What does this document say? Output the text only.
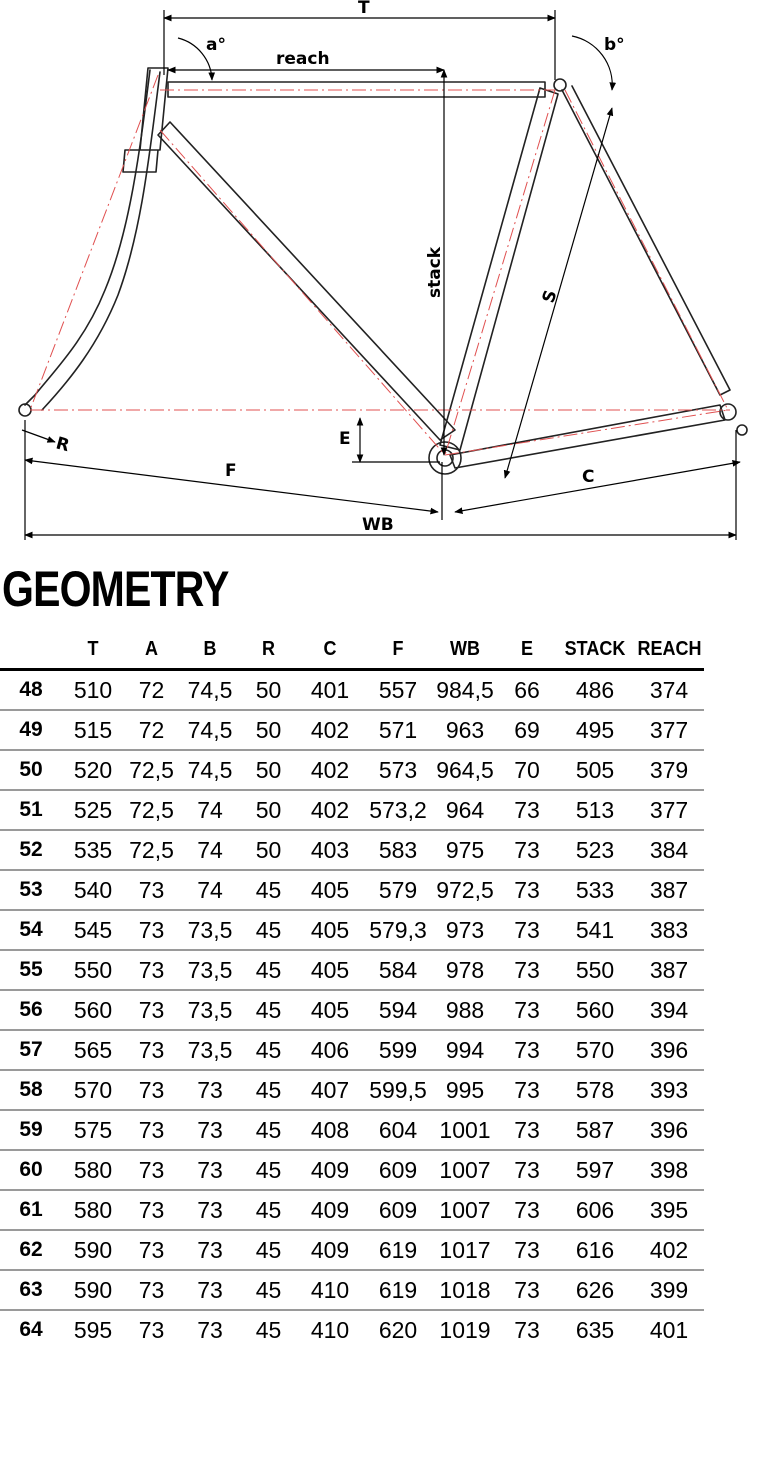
T
a°	b°
reach
stack	S
R	E
F	C
WB
GEOMETRY
	T	A	B	R	C	F	WB	E	STACK	REACH
48	510	72	74,5	50	401	557	984,5	66	486	374
49	515	72	74,5	50	402	571	963	69	495	377
50	520	72,5	74,5	50	402	573	964,5	70	505	379
51	525	72,5	74	50	402	573,2	964	73	513	377
52	535	72,5	74	50	403	583	975	73	523	384
53	540	73	74	45	405	579	972,5	73	533	387
54	545	73	73,5	45	405	579,3	973	73	541	383
55	550	73	73,5	45	405	584	978	73	550	387
56	560	73	73,5	45	405	594	988	73	560	394
57	565	73	73,5	45	406	599	994	73	570	396
58	570	73	73	45	407	599,5	995	73	578	393
59	575	73	73	45	408	604	1001	73	587	396
60	580	73	73	45	409	609	1007	73	597	398
61	580	73	73	45	409	609	1007	73	606	395
62	590	73	73	45	409	619	1017	73	616	402
63	590	73	73	45	410	619	1018	73	626	399
64	595	73	73	45	410	620	1019	73	635	401
